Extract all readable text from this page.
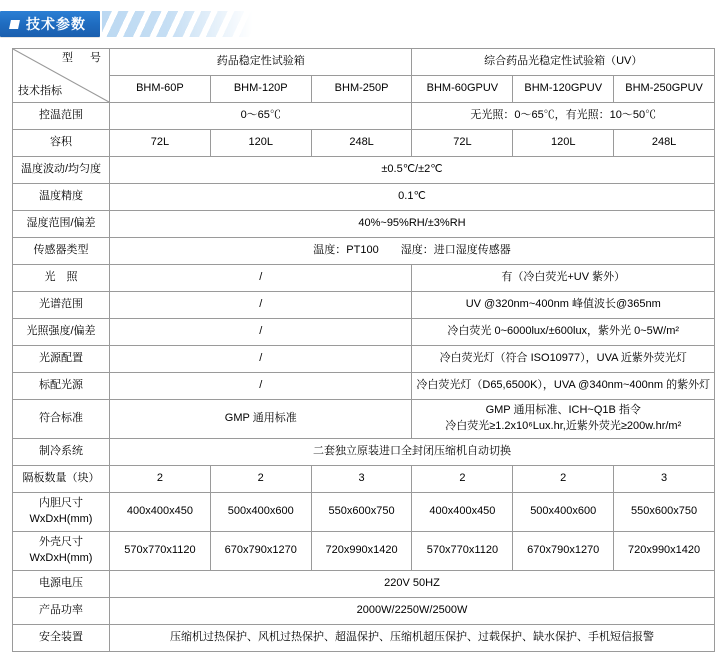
技术参数
型　号
技术指标	药品稳定性试验箱			综合药品光稳定性试验箱（UV）		
	BHM-60P	BHM-120P	BHM-250P	BHM-60GPUV	BHM-120GPUV	BHM-250GPUV
控温范围	0～65℃			无光照：0～65℃，有光照：10～50℃		
容积	72L	120L	248L	72L	120L	248L
温度波动/均匀度	±0.5℃/±2℃					
温度精度	0.1℃					
湿度范围/偏差	40%~95%RH/±3%RH					
传感器类型	温度：PT100　　湿度：进口湿度传感器					
光　照	/			有（冷白荧光+UV 紫外）		
光谱范围	/			UV @320nm~400nm 峰值波长@365nm		
光照强度/偏差	/			冷白荧光 0~6000lux/±600lux，紫外光 0~5W/m²		
光源配置	/			冷白荧光灯（符合 ISO10977），UVA 近紫外荧光灯		
标配光源	/			冷白荧光灯（D65,6500K），UVA @340nm~400nm 的紫外灯		
符合标准	GMP 通用标准			GMP 通用标准、ICH~Q1B 指令
冷白荧光≥1.2x10⁶Lux.hr,近紫外荧光≥200w.hr/m²		
制冷系统	二套独立原装进口全封闭压缩机自动切换					
隔板数量（块）	2	2	3	2	2	3
内胆尺寸
WxDxH(mm)	400x400x450	500x400x600	550x600x750	400x400x450	500x400x600	550x600x750
外壳尺寸
WxDxH(mm)	570x770x1120	670x790x1270	720x990x1420	570x770x1120	670x790x1270	720x990x1420
电源电压	220V 50HZ					
产品功率	2000W/2250W/2500W					
安全装置	压缩机过热保护、风机过热保护、超温保护、压缩机超压保护、过载保护、缺水保护、手机短信报警					
